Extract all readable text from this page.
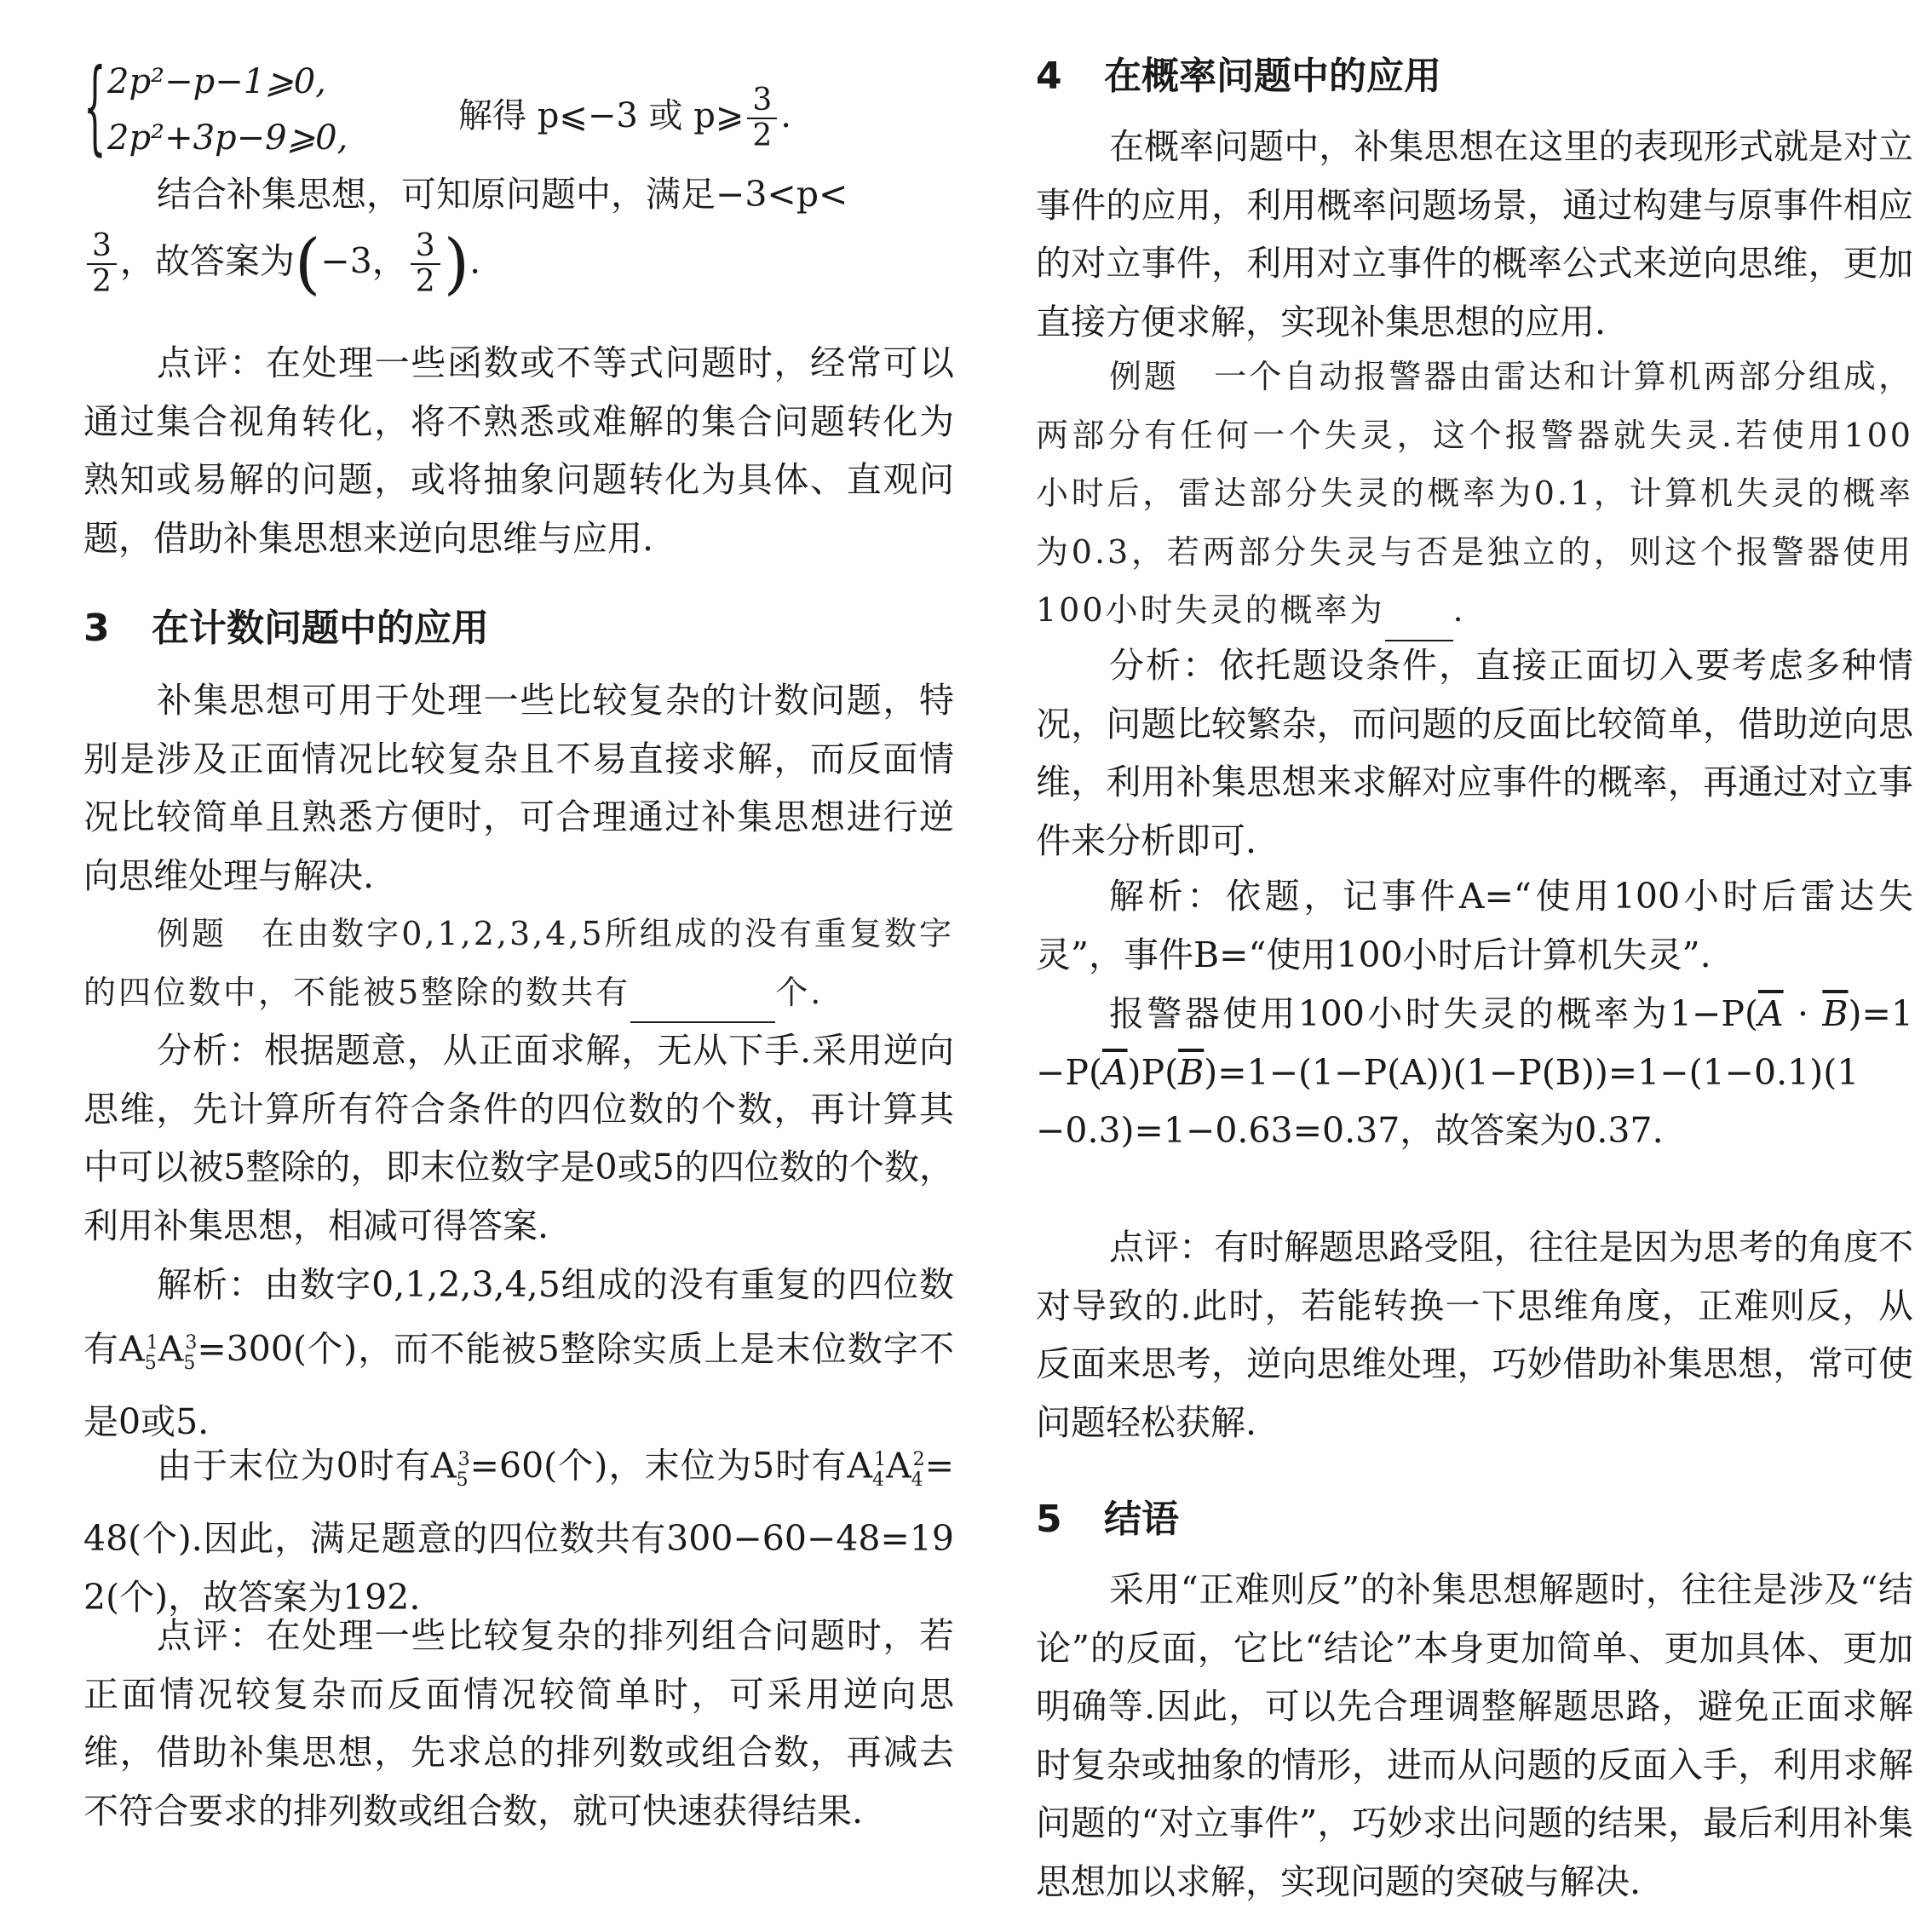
{ 2p²−p−1⩾0,
2p²+3p−9⩾0,
解得 p⩽−3 或 p⩾ $\frac{3}{2}$ .

结合补集思想，可知原问题中，满足−3<p<

$\frac{3}{2}$ ，故答案为(−3， $\frac{3}{2}$ ).

点评：在处理一些函数或不等式问题时，经常可以通过集合视角转化，将不熟悉或难解的集合问题转化为熟知或易解的问题，或将抽象问题转化为具体、直观问题，借助补集思想来逆向思维与应用.

3 在计数问题中的应用

补集思想可用于处理一些比较复杂的计数问题，特别是涉及正面情况比较复杂且不易直接求解，而反面情况比较简单且熟悉方便时，可合理通过补集思想进行逆向思维处理与解决.

例题　在由数字0,1,2,3,4,5所组成的没有重复数字的四位数中，不能被5整除的数共有	个.

分析：根据题意，从正面求解，无从下手.采用逆向思维，先计算所有符合条件的四位数的个数，再计算其中可以被5整除的，即末位数字是0或5的四位数的个数，利用补集思想，相减可得答案.

解析：由数字0,1,2,3,4,5组成的没有重复的四位数有$A_5^1A_5^3=300$(个)，而不能被5整除实质上是末位数字不是0或5.

由于末位为0时有$A_5^3=60$(个)，末位为5时有$A_4^1A_4^2=48$(个).因此，满足题意的四位数共有300−60−48=192(个)，故答案为192.

点评：在处理一些比较复杂的排列组合问题时，若正面情况较复杂而反面情况较简单时，可采用逆向思维，借助补集思想，先求总的排列数或组合数，再减去不符合要求的排列数或组合数，就可快速获得结果.

4 在概率问题中的应用

在概率问题中，补集思想在这里的表现形式就是对立事件的应用，利用概率问题场景，通过构建与原事件相应的对立事件，利用对立事件的概率公式来逆向思维，更加直接方便求解，实现补集思想的应用.

例题　一个自动报警器由雷达和计算机两部分组成，两部分有任何一个失灵，这个报警器就失灵.若使用100小时后，雷达部分失灵的概率为0.1，计算机失灵的概率为0.3，若两部分失灵与否是独立的，则这个报警器使用100小时失灵的概率为 .

分析：依托题设条件，直接正面切入要考虑多种情况，问题比较繁杂，而问题的反面比较简单，借助逆向思维，利用补集思想来求解对应事件的概率，再通过对立事件来分析即可.

解析：依题，记事件A=“使用100小时后雷达失灵”，事件B=“使用100小时后计算机失灵”.

报警器使用100小时失灵的概率为$1-P(\overline{A} \cdot \overline{B})=1-P(\overline{A})P(\overline{B})=1-(1-P(A))(1-P(B))=1-(1-0.1)(1-0.3)=1-0.63=0.37$，故答案为0.37.

点评：有时解题思路受阻，往往是因为思考的角度不对导致的.此时，若能转换一下思维角度，正难则反，从反面来思考，逆向思维处理，巧妙借助补集思想，常可使问题轻松获解.

5 结语

采用“正难则反”的补集思想解题时，往往是涉及“结论”的反面，它比“结论”本身更加简单、更加具体、更加明确等.因此，可以先合理调整解题思路，避免正面求解时复杂或抽象的情形，进而从问题的反面入手，利用求解问题的“对立事件”，巧妙求出问题的结果，最后利用补集思想加以求解，实现问题的突破与解决.
